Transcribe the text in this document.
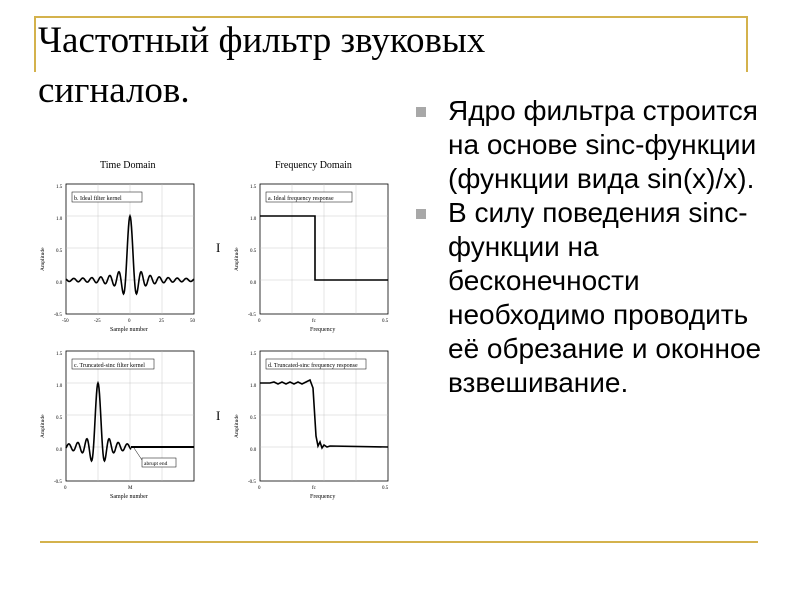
Частотный фильтр звуковых
сигналов.	Ядро фильтра строится на основе sinc-функции (функции вида sin(x)/x).
В силу поведения sinc-функции на бесконечности необходимо проводить её обрезание и оконное взвешивание.
Time Domain	Frequency Domain
I
I
b. Ideal filter kernel
1.5
1.0
0.5
0.0
-0.5
-50	-25	0	25	50
Sample number
Amplitude
a. Ideal frequency response
1.5
1.0
0.5
0.0
-0.5
0	fc	0.5
Frequency
Amplitude
c. Truncated-sinc filter kernel
1.5
1.0
0.5
0.0
-0.5
0	M
Sample number
Amplitude
abrupt end
d. Truncated-sinc frequency response
1.5
1.0
0.5
0.0
-0.5
0	fc	0.5
Frequency
Amplitude
